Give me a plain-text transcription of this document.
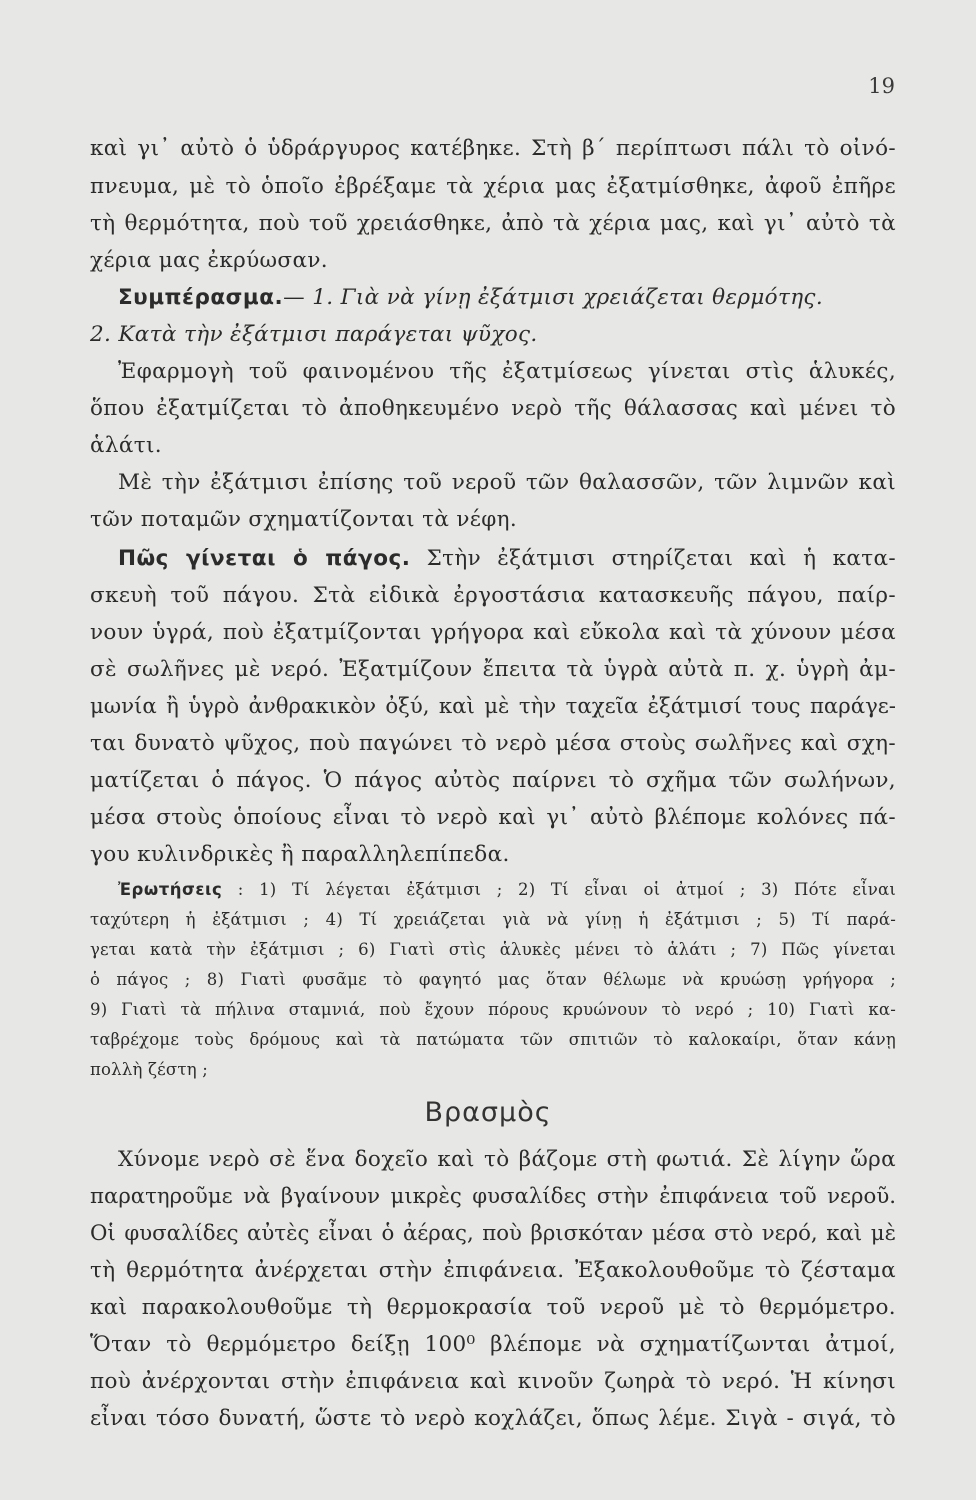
19
καὶ γι᾿ αὐτὸ ὁ ὑδράργυρος κατέβηκε. Στὴ β΄ περίπτωσι πάλι τὸ οἰνό-
πνευμα, μὲ τὸ ὁποῖο ἐβρέξαμε τὰ χέρια μας ἐξατμίσθηκε, ἀφοῦ ἐπῆρε
τὴ θερμότητα, ποὺ τοῦ χρειάσθηκε, ἀπὸ τὰ χέρια μας, καὶ γι᾿ αὐτὸ τὰ
χέρια μας ἐκρύωσαν.
Συμπέρασμα.— 1. Γιὰ νὰ γίνῃ ἐξάτμισι χρειάζεται θερμότης.
2. Κατὰ τὴν ἐξάτμισι παράγεται ψῦχος.
Ἐφαρμογὴ τοῦ φαινομένου τῆς ἐξατμίσεως γίνεται στὶς ἁλυκές,
ὅπου ἐξατμίζεται τὸ ἀποθηκευμένο νερὸ τῆς θάλασσας καὶ μένει τὸ
ἁλάτι.
Μὲ τὴν ἐξάτμισι ἐπίσης τοῦ νεροῦ τῶν θαλασσῶν, τῶν λιμνῶν καὶ
τῶν ποταμῶν σχηματίζονται τὰ νέφη.
Πῶς γίνεται ὁ πάγος. Στὴν ἐξάτμισι στηρίζεται καὶ ἡ κατα-
σκευὴ τοῦ πάγου. Στὰ εἰδικὰ ἐργοστάσια κατασκευῆς πάγου, παίρ-
νουν ὑγρά, ποὺ ἐξατμίζονται γρήγορα καὶ εὔκολα καὶ τὰ χύνουν μέσα
σὲ σωλῆνες μὲ νερό. Ἐξατμίζουν ἔπειτα τὰ ὑγρὰ αὐτὰ π. χ. ὑγρὴ ἀμ-
μωνία ἢ ὑγρὸ ἀνθρακικὸν ὀξύ, καὶ μὲ τὴν ταχεῖα ἐξάτμισί τους παράγε-
ται δυνατὸ ψῦχος, ποὺ παγώνει τὸ νερὸ μέσα στοὺς σωλῆνες καὶ σχη-
ματίζεται ὁ πάγος. Ὁ πάγος αὐτὸς παίρνει τὸ σχῆμα τῶν σωλήνων,
μέσα στοὺς ὁποίους εἶναι τὸ νερὸ καὶ γι᾿ αὐτὸ βλέπομε κολόνες πά-
γου κυλινδρικὲς ἢ παραλληλεπίπεδα.
Ἐρωτήσεις : 1) Τί λέγεται ἐξάτμισι ; 2) Τί εἶναι οἱ ἀτμοί ; 3) Πότε εἶναι
ταχύτερη ἡ ἐξάτμισι ; 4) Τί χρειάζεται γιὰ νὰ γίνῃ ἡ ἐξάτμισι ; 5) Τί παρά-
γεται κατὰ τὴν ἐξάτμισι ; 6) Γιατὶ στὶς ἁλυκὲς μένει τὸ ἁλάτι ; 7) Πῶς γίνεται
ὁ πάγος ; 8) Γιατὶ φυσᾶμε τὸ φαγητό μας ὅταν θέλωμε νὰ κρυώσῃ γρήγορα ;
9) Γιατὶ τὰ πήλινα σταμνιά, ποὺ ἔχουν πόρους κρυώνουν τὸ νερό ; 10) Γιατὶ κα-
ταβρέχομε τοὺς δρόμους καὶ τὰ πατώματα τῶν σπιτιῶν τὸ καλοκαίρι, ὅταν κάνῃ
πολλὴ ζέστη ;
Βρασμὸς
Χύνομε νερὸ σὲ ἕνα δοχεῖο καὶ τὸ βάζομε στὴ φωτιά. Σὲ λίγην ὥρα
παρατηροῦμε νὰ βγαίνουν μικρὲς φυσαλίδες στὴν ἐπιφάνεια τοῦ νεροῦ.
Οἱ φυσαλίδες αὐτὲς εἶναι ὁ ἀέρας, ποὺ βρισκόταν μέσα στὸ νερό, καὶ μὲ
τὴ θερμότητα ἀνέρχεται στὴν ἐπιφάνεια. Ἐξακολουθοῦμε τὸ ζέσταμα
καὶ παρακολουθοῦμε τὴ θερμοκρασία τοῦ νεροῦ μὲ τὸ θερμόμετρο.
Ὅταν τὸ θερμόμετρο δείξῃ 100⁰ βλέπομε νὰ σχηματίζωνται ἀτμοί,
ποὺ ἀνέρχονται στὴν ἐπιφάνεια καὶ κινοῦν ζωηρὰ τὸ νερό. Ἡ κίνησι
εἶναι τόσο δυνατή, ὥστε τὸ νερὸ κοχλάζει, ὅπως λέμε. Σιγὰ - σιγά, τὸ
